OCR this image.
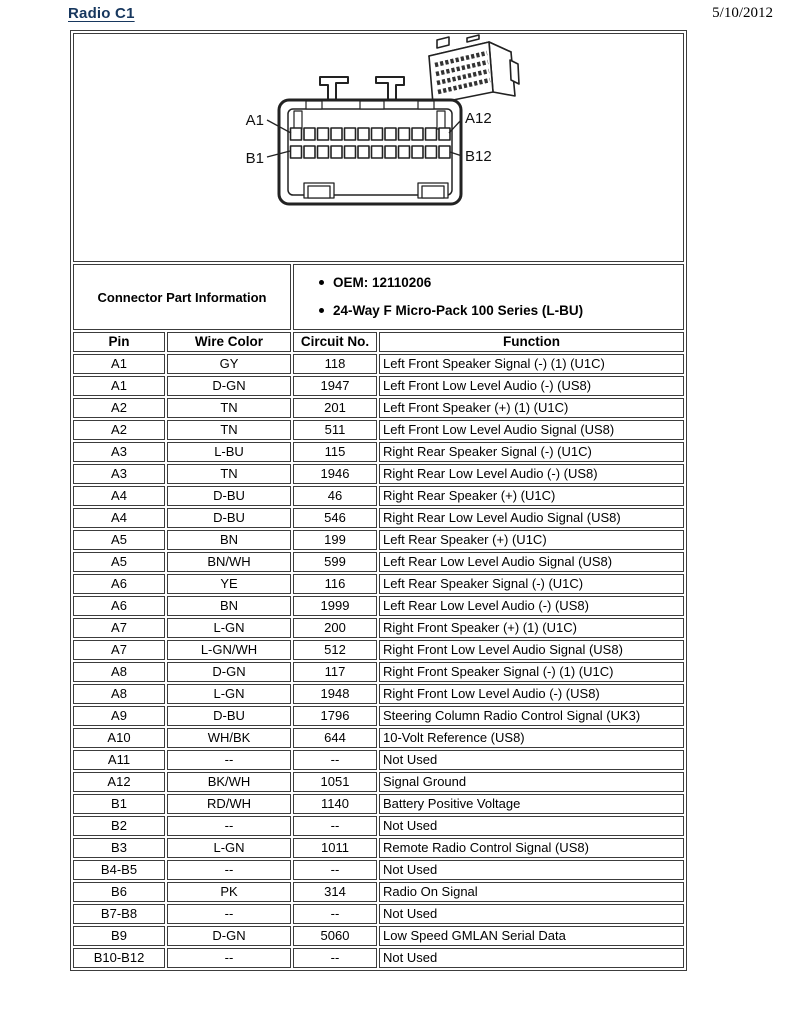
Radio C1	5/10/2012
A1 A12
B1 B12			

Connector Part Information		OEM: 12110206
24-Way F Micro-Pack 100 Series (L-BU)	

Pin	Wire Color	Circuit No.	Function
A1	GY	118	Left Front Speaker Signal (-) (1) (U1C)
A1	D-GN	1947	Left Front Low Level Audio (-) (US8)
A2	TN	201	Left Front Speaker (+) (1) (U1C)
A2	TN	511	Left Front Low Level Audio Signal (US8)
A3	L-BU	115	Right Rear Speaker Signal (-) (U1C)
A3	TN	1946	Right Rear Low Level Audio (-) (US8)
A4	D-BU	46	Right Rear Speaker (+) (U1C)
A4	D-BU	546	Right Rear Low Level Audio Signal (US8)
A5	BN	199	Left Rear Speaker (+) (U1C)
A5	BN/WH	599	Left Rear Low Level Audio Signal (US8)
A6	YE	116	Left Rear Speaker Signal (-) (U1C)
A6	BN	1999	Left Rear Low Level Audio (-) (US8)
A7	L-GN	200	Right Front Speaker (+) (1) (U1C)
A7	L-GN/WH	512	Right Front Low Level Audio Signal (US8)
A8	D-GN	117	Right Front Speaker Signal (-) (1) (U1C)
A8	L-GN	1948	Right Front Low Level Audio (-) (US8)
A9	D-BU	1796	Steering Column Radio Control Signal (UK3)
A10	WH/BK	644	10-Volt Reference (US8)
A11	--	--	Not Used
A12	BK/WH	1051	Signal Ground
B1	RD/WH	1140	Battery Positive Voltage
B2	--	--	Not Used
B3	L-GN	1011	Remote Radio Control Signal (US8)
B4-B5	--	--	Not Used
B6	PK	314	Radio On Signal
B7-B8	--	--	Not Used
B9	D-GN	5060	Low Speed GMLAN Serial Data
B10-B12	--	--	Not Used
